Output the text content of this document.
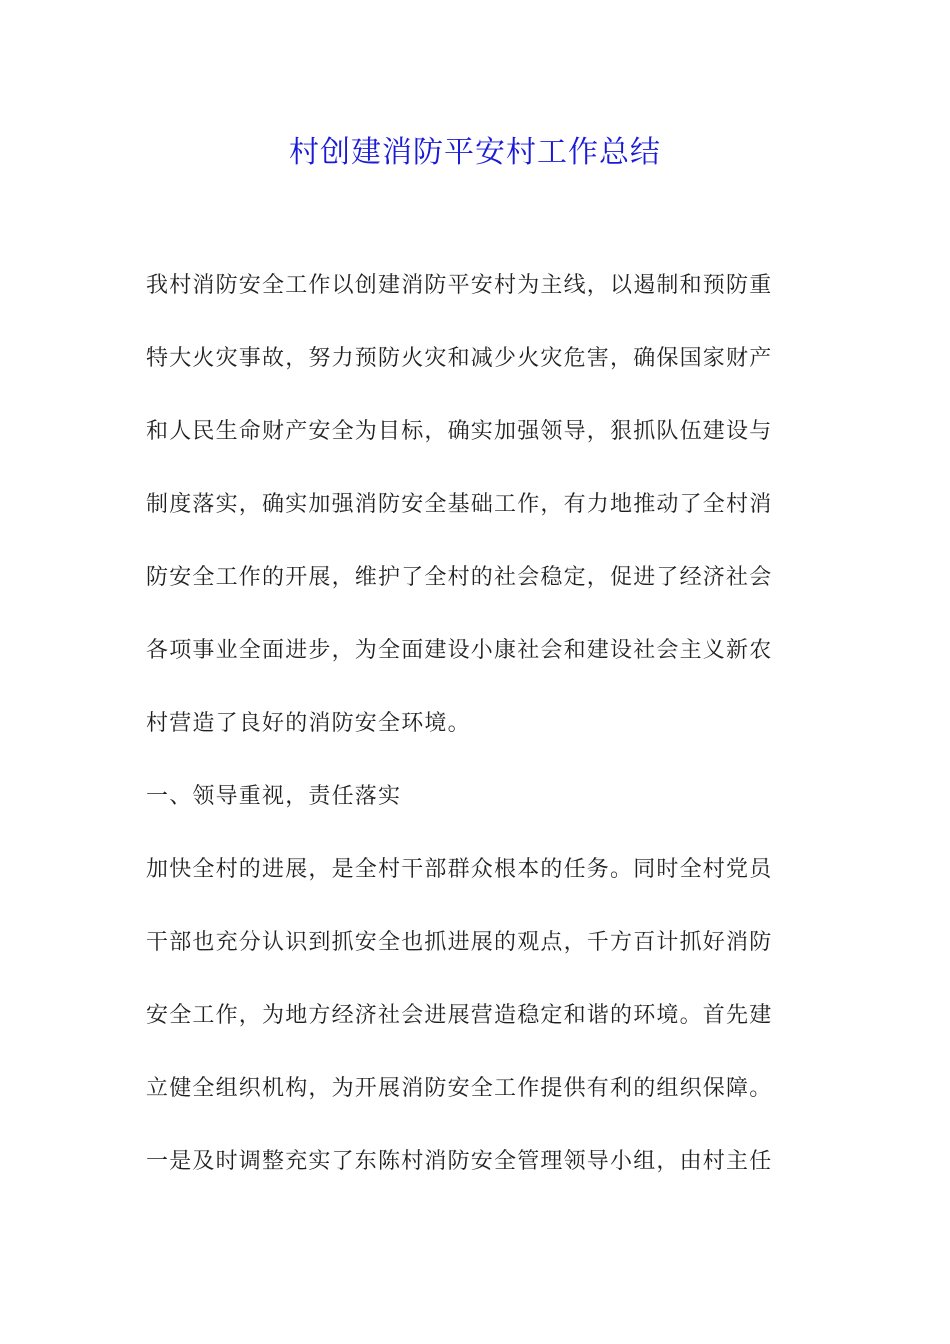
村创建消防平安村工作总结
我村消防安全工作以创建消防平安村为主线，以遏制和预防重
特大火灾事故，努力预防火灾和减少火灾危害，确保国家财产
和人民生命财产安全为目标，确实加强领导，狠抓队伍建设与
制度落实，确实加强消防安全基础工作，有力地推动了全村消
防安全工作的开展，维护了全村的社会稳定，促进了经济社会
各项事业全面进步，为全面建设小康社会和建设社会主义新农
村营造了良好的消防安全环境。
一、领导重视，责任落实
加快全村的进展，是全村干部群众根本的任务。同时全村党员
干部也充分认识到抓安全也抓进展的观点，千方百计抓好消防
安全工作，为地方经济社会进展营造稳定和谐的环境。首先建
立健全组织机构，为开展消防安全工作提供有利的组织保障。
一是及时调整充实了东陈村消防安全管理领导小组，由村主任
